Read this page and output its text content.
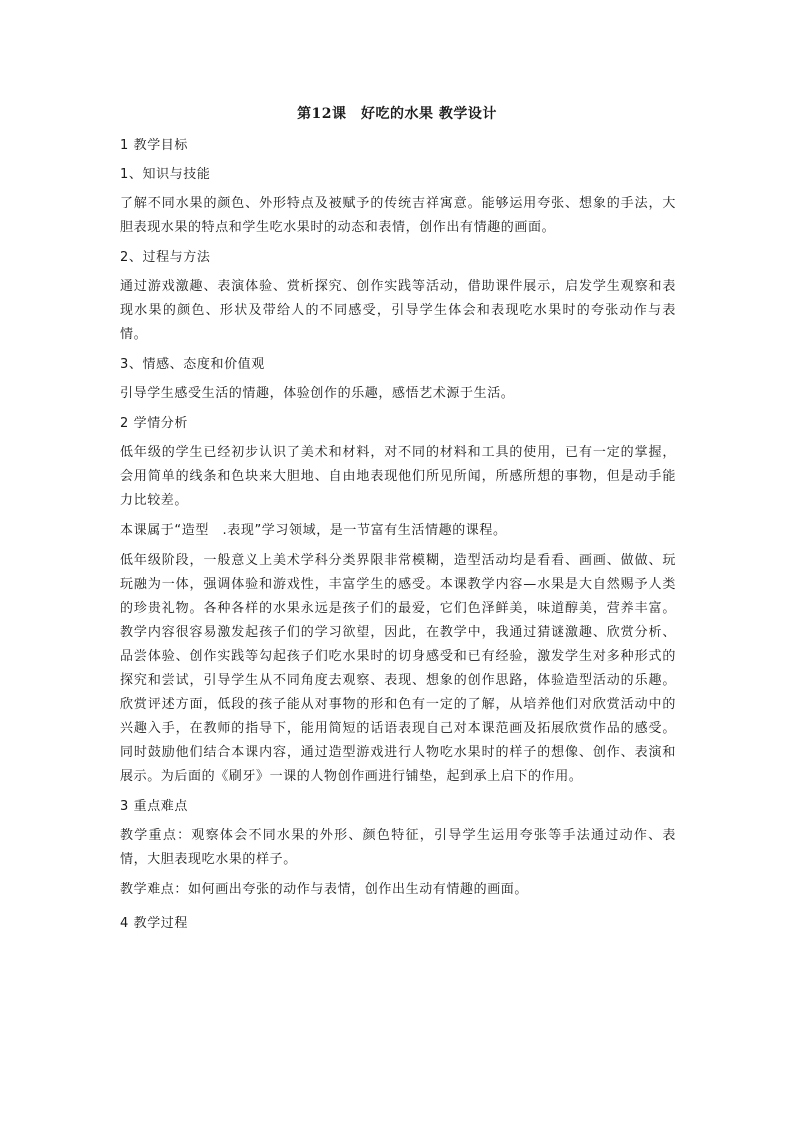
第12课　好吃的水果 教学设计

1 教学目标

1、知识与技能

了解不同水果的颜色、外形特点及被赋予的传统吉祥寓意。能够运用夸张、想象的手法，大胆表现水果的特点和学生吃水果时的动态和表情，创作出有情趣的画面。

2、过程与方法

通过游戏激趣、表演体验、赏析探究、创作实践等活动，借助课件展示，启发学生观察和表现水果的颜色、形状及带给人的不同感受，引导学生体会和表现吃水果时的夸张动作与表情。

3、情感、态度和价值观

引导学生感受生活的情趣，体验创作的乐趣，感悟艺术源于生活。

2 学情分析

低年级的学生已经初步认识了美术和材料，对不同的材料和工具的使用，已有一定的掌握，会用简单的线条和色块来大胆地、自由地表现他们所见所闻，所感所想的事物，但是动手能力比较差。

本课属于“造型　.表现”学习领域，是一节富有生活情趣的课程。

低年级阶段，一般意义上美术学科分类界限非常模糊，造型活动均是看看、画画、做做、玩玩融为一体，强调体验和游戏性，丰富学生的感受。本课教学内容—水果是大自然赐予人类的珍贵礼物。各种各样的水果永远是孩子们的最爱，它们色泽鲜美，味道醇美，营养丰富。教学内容很容易激发起孩子们的学习欲望，因此，在教学中，我通过猜谜激趣、欣赏分析、品尝体验、创作实践等勾起孩子们吃水果时的切身感受和已有经验，激发学生对多种形式的探究和尝试，引导学生从不同角度去观察、表现、想象的创作思路，体验造型活动的乐趣。欣赏评述方面，低段的孩子能从对事物的形和色有一定的了解，从培养他们对欣赏活动中的兴趣入手，在教师的指导下，能用简短的话语表现自己对本课范画及拓展欣赏作品的感受。同时鼓励他们结合本课内容，通过造型游戏进行人物吃水果时的样子的想像、创作、表演和展示。为后面的《刷牙》一课的人物创作画进行铺垫，起到承上启下的作用。

3 重点难点

教学重点：观察体会不同水果的外形、颜色特征，引导学生运用夸张等手法通过动作、表情，大胆表现吃水果的样子。

教学难点：如何画出夸张的动作与表情，创作出生动有情趣的画面。

4 教学过程
